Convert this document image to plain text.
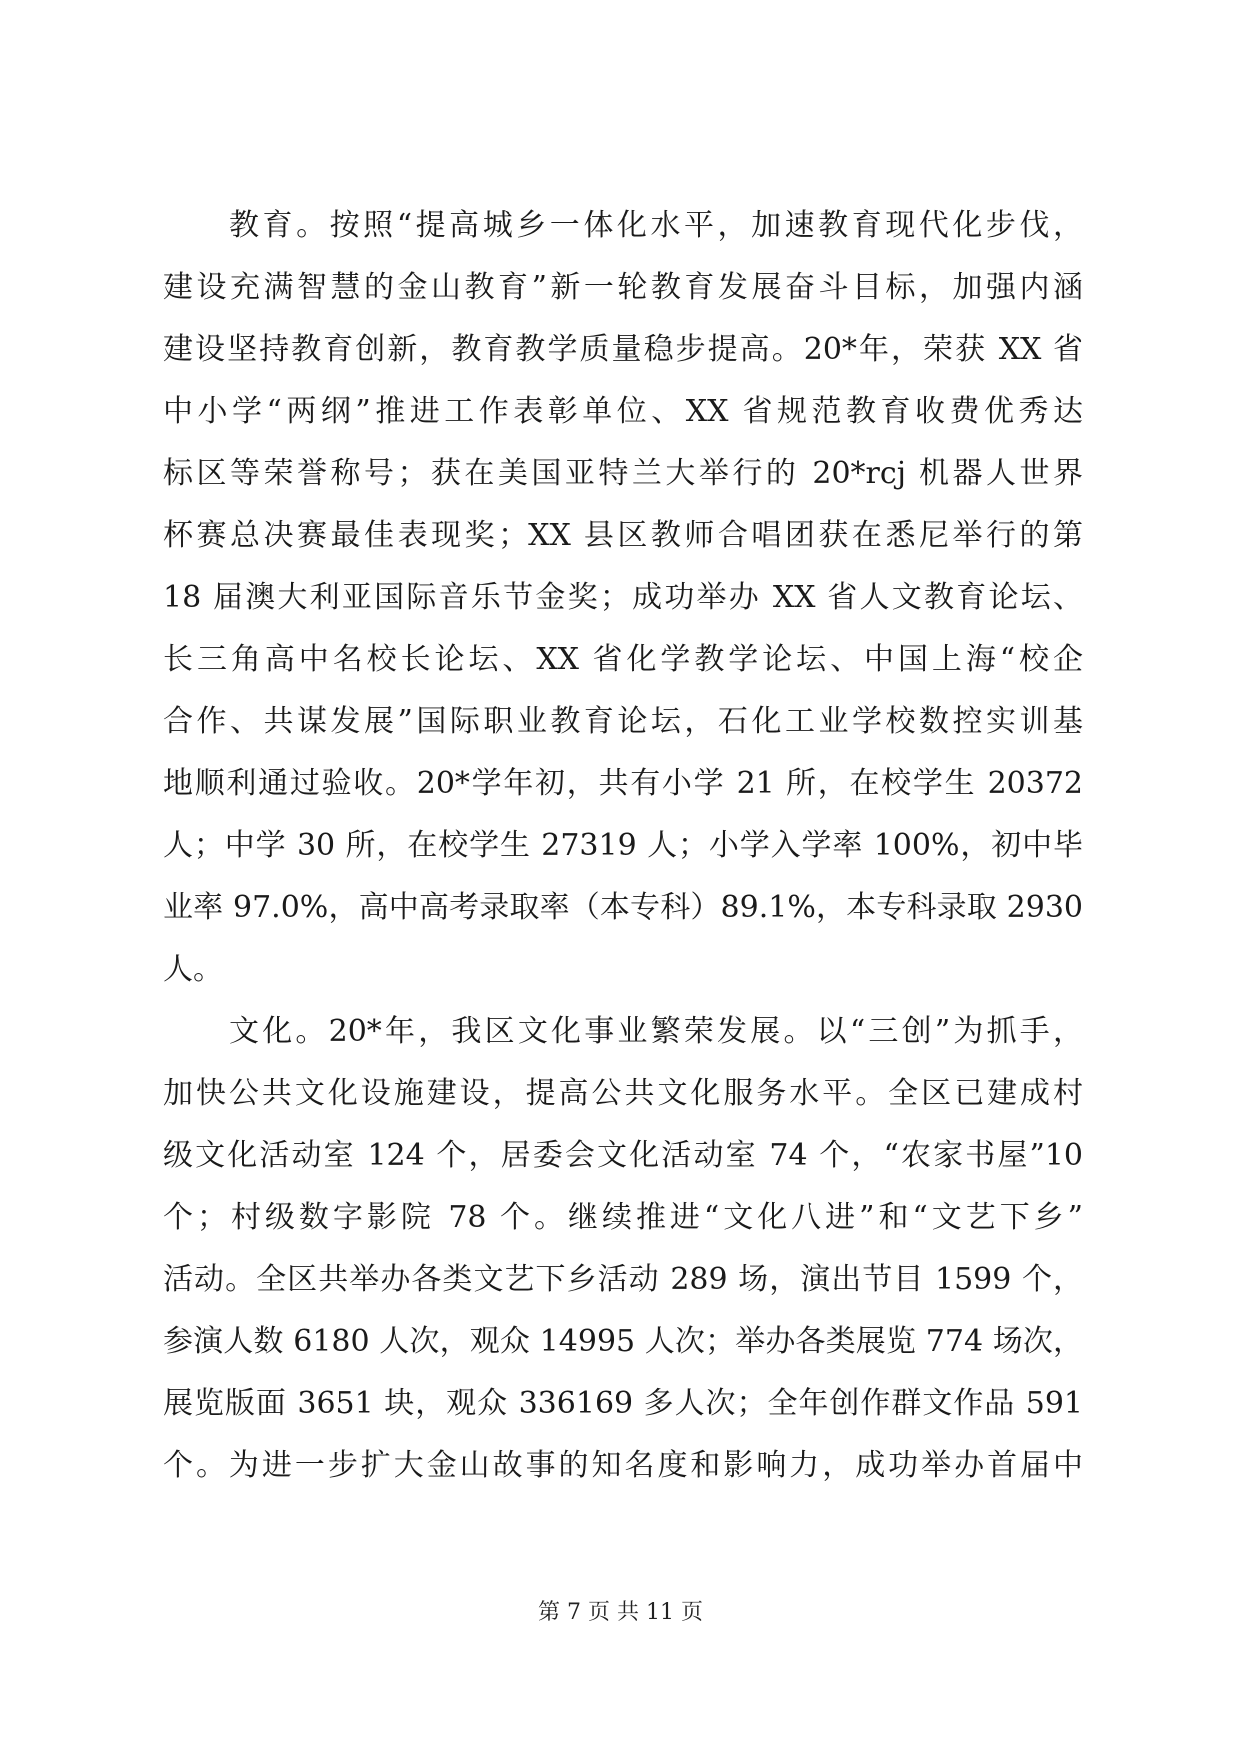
教育。按照“提高城乡一体化水平，加速教育现代化步伐，
建设充满智慧的金山教育”新一轮教育发展奋斗目标，加强内涵
建设坚持教育创新，教育教学质量稳步提高。20*年，荣获 XX 省
中小学“两纲”推进工作表彰单位、XX 省规范教育收费优秀达
标区等荣誉称号；获在美国亚特兰大举行的 20*rcj 机器人世界
杯赛总决赛最佳表现奖；XX 县区教师合唱团获在悉尼举行的第
18 届澳大利亚国际音乐节金奖；成功举办 XX 省人文教育论坛、
长三角高中名校长论坛、XX 省化学教学论坛、中国上海“校企
合作、共谋发展”国际职业教育论坛，石化工业学校数控实训基
地顺利通过验收。20*学年初，共有小学 21 所，在校学生 20372
人；中学 30 所，在校学生 27319 人；小学入学率 100%，初中毕
业率 97.0%，高中高考录取率（本专科）89.1%，本专科录取 2930
人。
文化。20*年，我区文化事业繁荣发展。以“三创”为抓手，
加快公共文化设施建设，提高公共文化服务水平。全区已建成村
级文化活动室 124 个，居委会文化活动室 74 个，“农家书屋”10
个；村级数字影院 78 个。继续推进“文化八进”和“文艺下乡”
活动。全区共举办各类文艺下乡活动 289 场，演出节目 1599 个，
参演人数 6180 人次，观众 14995 人次；举办各类展览 774 场次，
展览版面 3651 块，观众 336169 多人次；全年创作群文作品 591
个。为进一步扩大金山故事的知名度和影响力，成功举办首届中
第 7 页 共 11 页
